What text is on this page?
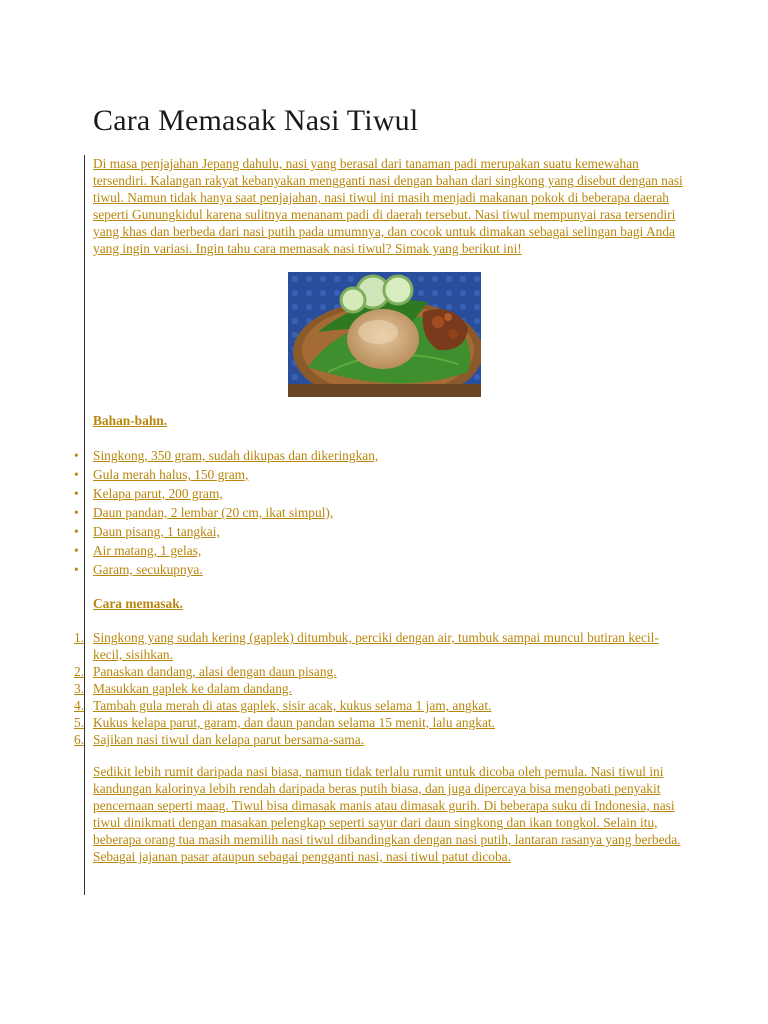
Cara Memasak Nasi Tiwul

Di masa penjajahan Jepang dahulu, nasi yang berasal dari tanaman padi merupakan suatu kemewahan tersendiri. Kalangan rakyat kebanyakan mengganti nasi dengan bahan dari singkong yang disebut dengan nasi tiwul. Namun tidak hanya saat penjajahan, nasi tiwul ini masih menjadi makanan pokok di beberapa daerah seperti Gunungkidul karena sulitnya menanam padi di daerah tersebut. Nasi tiwul mempunyai rasa tersendiri yang khas dan berbeda dari nasi putih pada umumnya, dan cocok untuk dimakan sebagai selingan bagi Anda yang ingin variasi. Ingin tahu cara memasak nasi tiwul? Simak yang berikut ini!

Bahan-bahn.

• Singkong, 350 gram, sudah dikupas dan dikeringkan,
• Gula merah halus, 150 gram,
• Kelapa parut, 200 gram,
• Daun pandan, 2 lembar (20 cm, ikat simpul),
• Daun pisang, 1 tangkai,
• Air matang, 1 gelas,
• Garam, secukupnya.

Cara memasak.

1. Singkong yang sudah kering (gaplek) ditumbuk, perciki dengan air, tumbuk sampai muncul butiran kecil-kecil, sisihkan.
2. Panaskan dandang, alasi dengan daun pisang.
3. Masukkan gaplek ke dalam dandang.
4. Tambah gula merah di atas gaplek, sisir acak, kukus selama 1 jam, angkat.
5. Kukus kelapa parut, garam, dan daun pandan selama 15 menit, lalu angkat.
6. Sajikan nasi tiwul dan kelapa parut bersama-sama.

Sedikit lebih rumit daripada nasi biasa, namun tidak terlalu rumit untuk dicoba oleh pemula. Nasi tiwul ini kandungan kalorinya lebih rendah daripada beras putih biasa, dan juga dipercaya bisa mengobati penyakit pencernaan seperti maag. Tiwul bisa dimasak manis atau dimasak gurih. Di beberapa suku di Indonesia, nasi tiwul dinikmati dengan masakan pelengkap seperti sayur dari daun singkong dan ikan tongkol. Selain itu, beberapa orang tua masih memilih nasi tiwul dibandingkan dengan nasi putih, lantaran rasanya yang berbeda. Sebagai jajanan pasar ataupun sebagai pengganti nasi, nasi tiwul patut dicoba.
